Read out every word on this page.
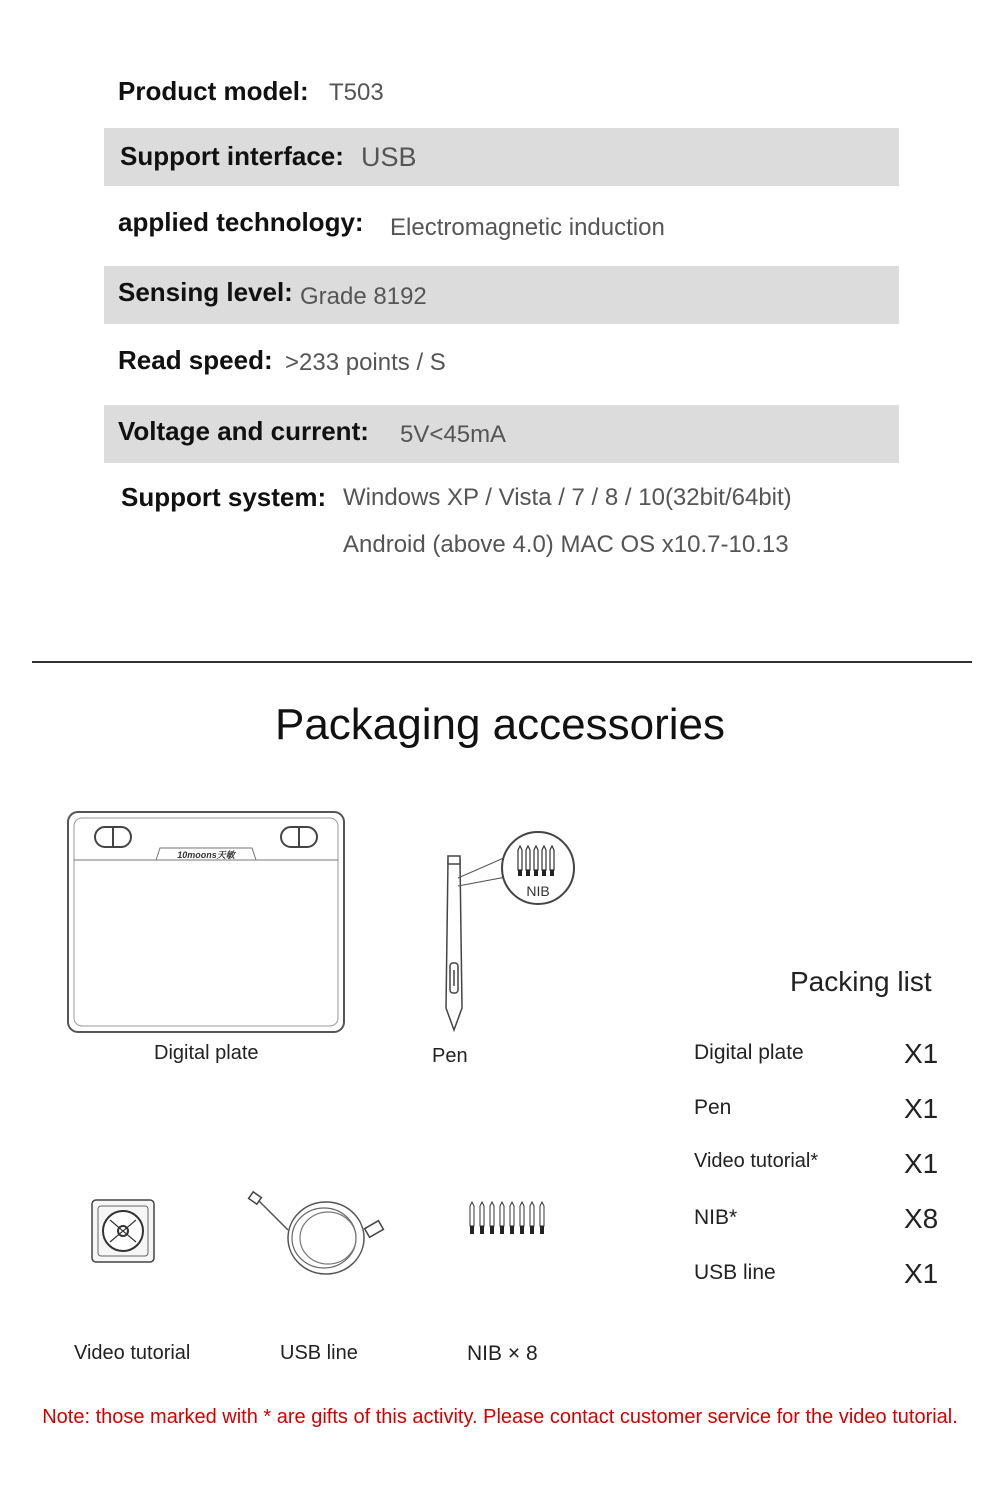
Product model: T503
Support interface: USB
applied technology: Electromagnetic induction
Sensing level: Grade 8192
Read speed: >233 points / S
Voltage and current: 5V<45mA
Support system: Windows XP / Vista / 7 / 8 / 10(32bit/64bit)
Android (above 4.0) MAC OS x10.7-10.13
Packaging accessories
10moons天敏
Digital plate
NIB
Pen
Video tutorial	USB line	NIB × 8
Packing list
Digital plate	X1
Pen	X1
Video tutorial*	X1
NIB*	X8
USB line	X1
Note: those marked with * are gifts of this activity. Please contact customer service for the video tutorial.
